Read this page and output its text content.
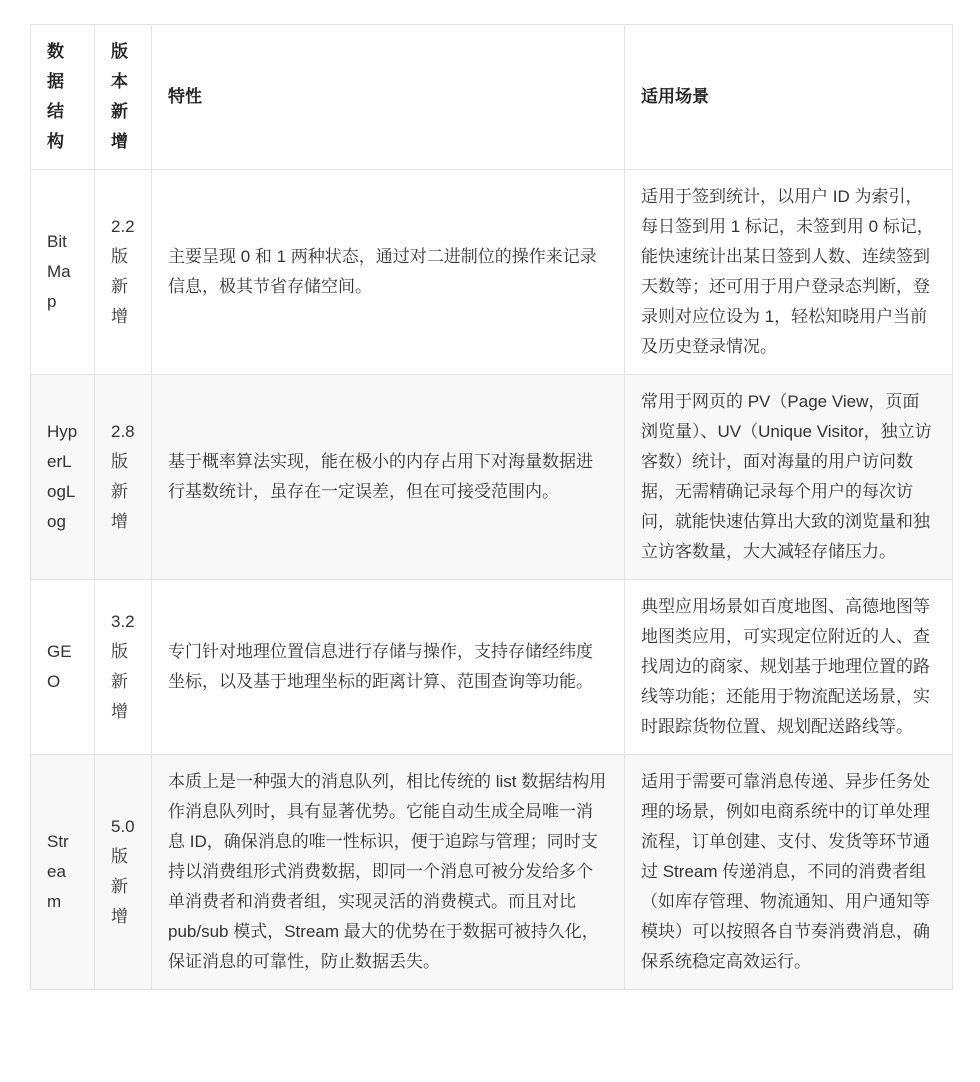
数据结构	版本新增	特性	适用场景
BitMap	2.2 版新增	主要呈现 0 和 1 两种状态，通过对二进制位的操作来记录信息，极其节省存储空间。	适用于签到统计，以用户 ID 为索引，每日签到用 1 标记，未签到用 0 标记，能快速统计出某日签到人数、连续签到天数等；还可用于用户登录态判断，登录则对应位设为 1，轻松知晓用户当前及历史登录情况。
HyperLogLog	2.8 版新增	基于概率算法实现，能在极小的内存占用下对海量数据进行基数统计，虽存在一定误差，但在可接受范围内。	常用于网页的 PV（Page View，页面浏览量）、UV（Unique Visitor，独立访客数）统计，面对海量的用户访问数据，无需精确记录每个用户的每次访问，就能快速估算出大致的浏览量和独立访客数量，大大减轻存储压力。
GEO	3.2 版新增	专门针对地理位置信息进行存储与操作，支持存储经纬度坐标，以及基于地理坐标的距离计算、范围查询等功能。	典型应用场景如百度地图、高德地图等地图类应用，可实现定位附近的人、查找周边的商家、规划基于地理位置的路线等功能；还能用于物流配送场景，实时跟踪货物位置、规划配送路线等。
Stream	5.0 版新增	本质上是一种强大的消息队列，相比传统的 list 数据结构用作消息队列时，具有显著优势。它能自动生成全局唯一消息 ID，确保消息的唯一性标识，便于追踪与管理；同时支持以消费组形式消费数据，即同一个消息可被分发给多个单消费者和消费者组，实现灵活的消费模式。而且对比 pub/sub 模式，Stream 最大的优势在于数据可被持久化，保证消息的可靠性，防止数据丢失。	适用于需要可靠消息传递、异步任务处理的场景，例如电商系统中的订单处理流程，订单创建、支付、发货等环节通过 Stream 传递消息，不同的消费者组（如库存管理、物流通知、用户通知等模块）可以按照各自节奏消费消息，确保系统稳定高效运行。
